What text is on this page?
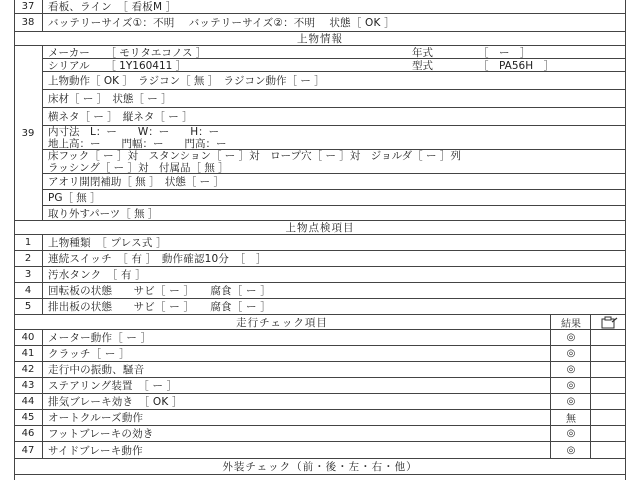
37	看板、ライン　［ 看板M ］
38	バッテリーサイズ①：不明　 バッテリーサイズ②：不明　 状態［ OK ］
上物情報
39
メーカー　　［ モリタエコノス ］	年式	［　ー　］
シリアル　　［ 1Y160411 ］	型式	［　PA56H　］
上物動作［ OK ］　ラジコン［ 無 ］　ラジコン動作［ ー ］
床材［ ー ］　状態［ ー ］
横ネタ［ ー ］　縦ネタ［ ー ］
内寸法　L：ー　　W：ー　　H：ー
地上高：ー　　門幅：ー　　門高：ー
床フック［ ー ］対　スタンション［ ー ］対　ロープ穴［ ー ］対　ジョルダ［ ー ］列
ラッシング［ ー ］対　付属品［ 無 ］
アオリ開閉補助［ 無 ］　状態［ ー ］
PG［ 無 ］
取り外すパーツ［ 無 ］
上物点検項目
1	上物種類　［ プレス式 ］
2	連続スイッチ　［ 有 ］　動作確認10分　［　］
3	汚水タンク　［ 有 ］
4	回転板の状態　　サビ［ ー ］　　腐食［ ー ］
5	排出板の状態　　サビ［ ー ］　　腐食［ ー ］
走行チェック項目	結果
40	メーター動作［ ー ］	◎
41	クラッチ［ ー ］	◎
42	走行中の振動、騒音	◎
43	ステアリング装置　［ ー ］	◎
44	排気ブレーキ効き　［ OK ］	◎
45	オートクルーズ動作	無
46	フットブレーキの効き	◎
47	サイドブレーキ動作	◎
外装チェック（前・後・左・右・他）
